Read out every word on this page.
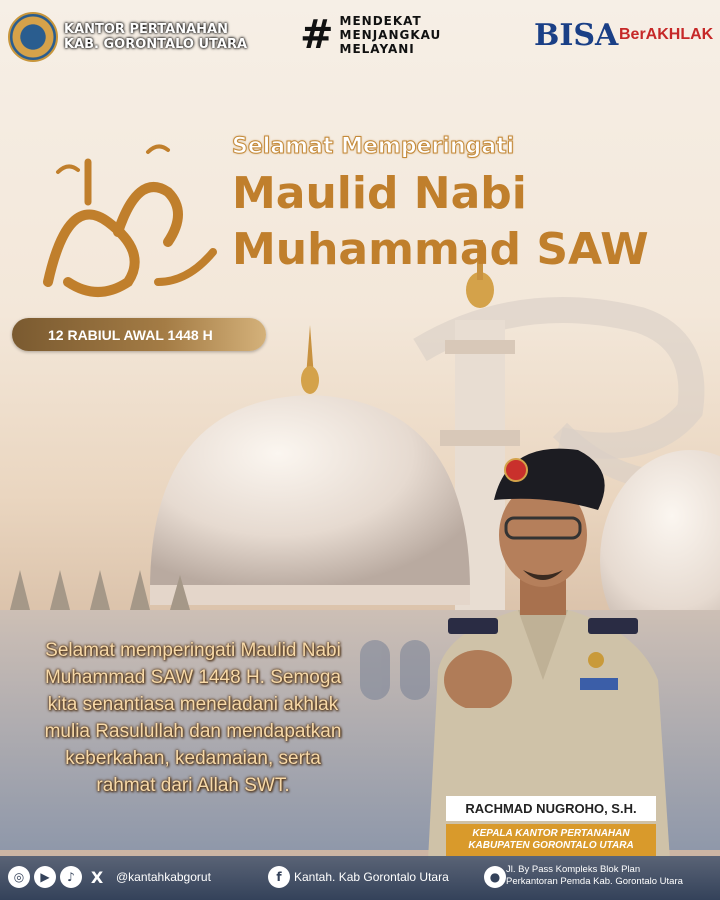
KANTOR PERTANAHAN
KAB. GORONTALO UTARA # MENDEKAT
MENJANGKAU
MELAYANI	BISA BerAKHLAK
Selamat Memperingati
Maulid Nabi
Muhammad SAW
12 RABIUL AWAL 1448 H
Selamat memperingati Maulid Nabi
Muhammad SAW 1448 H. Semoga
kita senantiasa meneladani akhlak
mulia Rasulullah dan mendapatkan
keberkahan, kedamaian, serta
rahmat dari Allah SWT.
RACHMAD NUGROHO, S.H.
KEPALA KANTOR PERTANAHAN
KABUPATEN GORONTALO UTARA
◎	▶	♪	X	@kantahkabgorut	f	Kantah. Kab Gorontalo Utara	●
Jl. By Pass Kompleks Blok Plan
Perkantoran Pemda Kab. Gorontalo Utara
